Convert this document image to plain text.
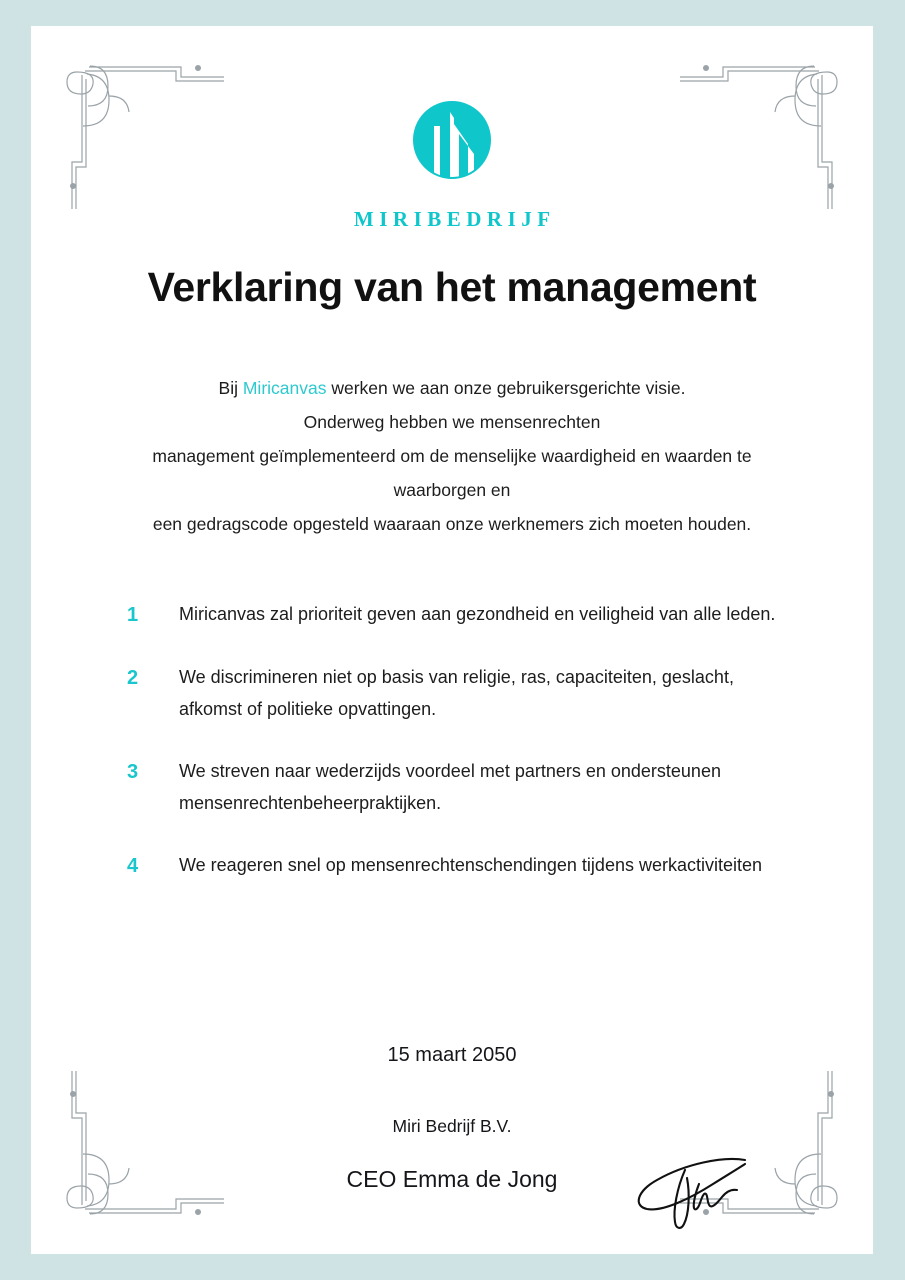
MIRIBEDRIJF
Verklaring van het management
Bij Miricanvas werken we aan onze gebruikersgerichte visie.
Onderweg hebben we mensenrechten
management geïmplementeerd om de menselijke waardigheid en waarden te
waarborgen en
een gedragscode opgesteld waaraan onze werknemers zich moeten houden.
1	Miricanvas zal prioriteit geven aan gezondheid en veiligheid van alle leden.
2	We discrimineren niet op basis van religie, ras, capaciteiten, geslacht, afkomst of politieke opvattingen.
3	We streven naar wederzijds voordeel met partners en ondersteunen mensenrechtenbeheerpraktijken.
4	We reageren snel op mensenrechtenschendingen tijdens werkactiviteiten
15 maart 2050
Miri Bedrijf B.V.
CEO Emma de Jong
